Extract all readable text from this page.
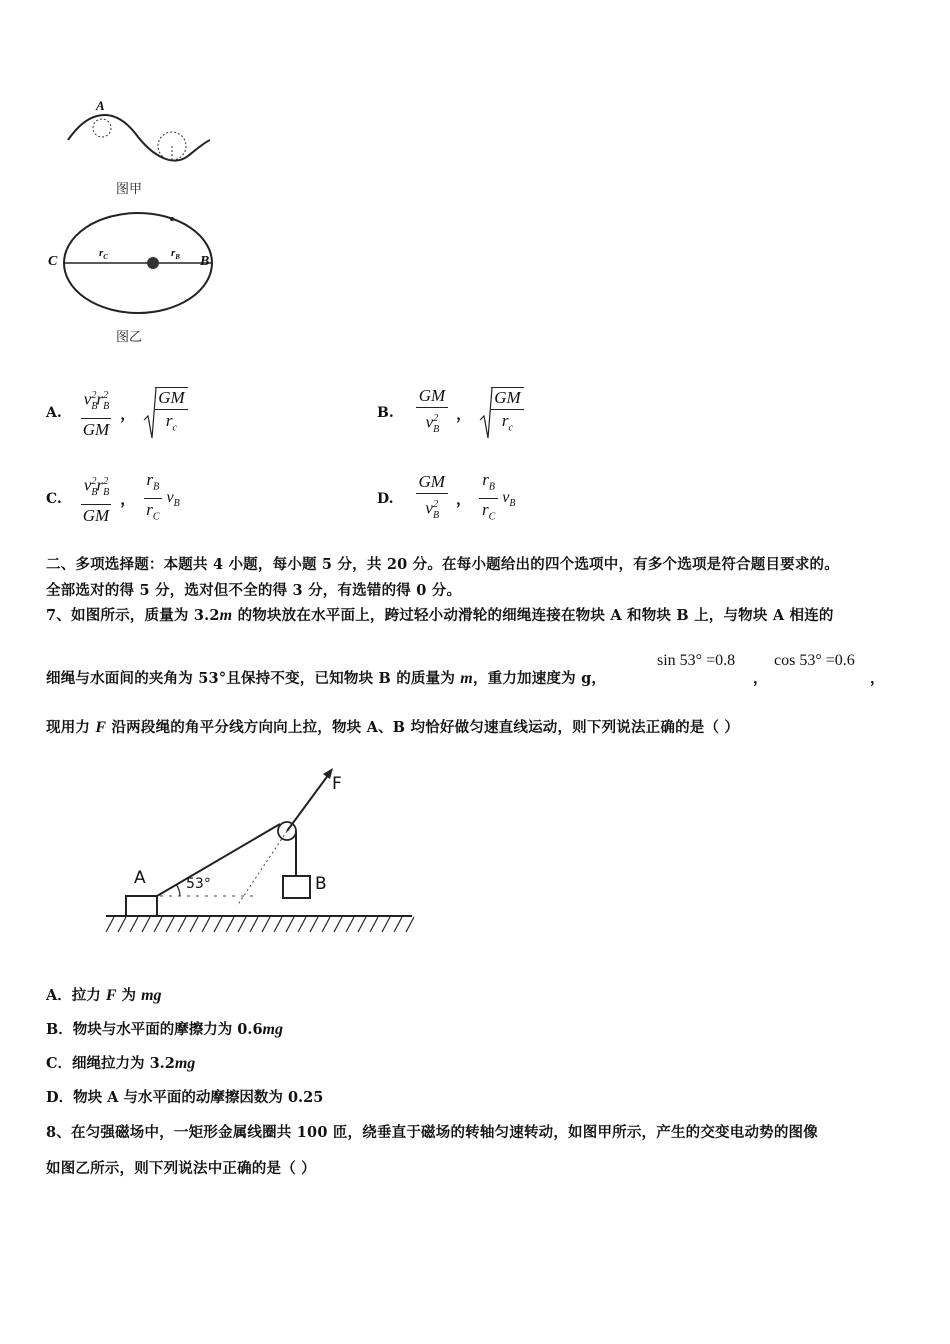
A
图甲
C	B
$r_C$	$r_B$
图乙
A. $\frac{v_B^2r_B^2}{GM}$ ， $\frac{GM}{r_c}$	B. $\frac{GM}{v_B^2}$ ， $\frac{GM}{r_c}$
C. $\frac{v_B^2r_B^2}{GM}$ ， $\frac{r_B}{r_C} v_B$	D. $\frac{GM}{v_B^2}$ ， $\frac{r_B}{r_C} v_B$
二、多项选择题：本题共 4 小题，每小题 5 分，共 20 分。在每小题给出的四个选项中，有多个选项是符合题目要求的。
全部选对的得 5 分，选对但不全的得 3 分，有选错的得 0 分。
7、如图所示，质量为 3.2m 的物块放在水平面上，跨过轻小动滑轮的细绳连接在物块 A 和物块 B 上，与物块 A 相连的
细绳与水面间的夹角为 53°且保持不变，已知物块 B 的质量为 m，重力加速度为 g，
sin 53° =0.8
，
cos 53° =0.6
，
现用力 F 沿两段绳的角平分线方向向上拉，物块 A、B 均恰好做匀速直线运动，则下列说法正确的是（ ）
F
A	B
53°
A．拉力 F 为 mg
B．物块与水平面的摩擦力为 0.6mg
C．细绳拉力为 3.2mg
D．物块 A 与水平面的动摩擦因数为 0.25
8、在匀强磁场中，一矩形金属线圈共 100 匝，绕垂直于磁场的转轴匀速转动，如图甲所示，产生的交变电动势的图像
如图乙所示，则下列说法中正确的是（ ）
